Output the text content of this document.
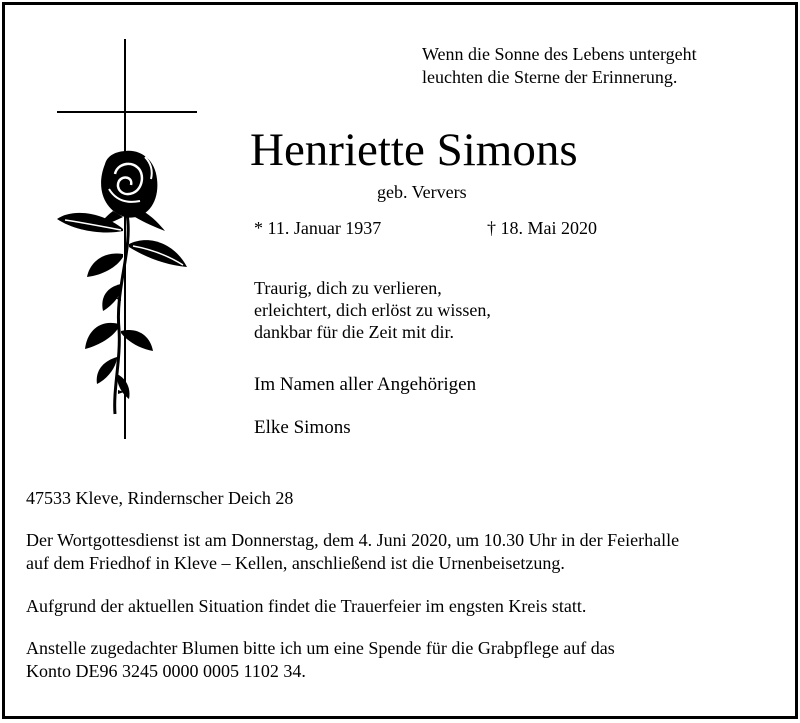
Wenn die Sonne des Lebens untergeht
leuchten die Sterne der Erinnerung.
Henriette Simons
geb. Ververs
* 11. Januar 1937	† 18. Mai 2020
Traurig, dich zu verlieren,
erleichtert, dich erlöst zu wissen,
dankbar für die Zeit mit dir.
Im Namen aller Angehörigen
Elke Simons
47533 Kleve, Rindernscher Deich 28
Der Wortgottesdienst ist am Donnerstag, dem 4. Juni 2020, um 10.30 Uhr in der Feierhalle
auf dem Friedhof in Kleve – Kellen, anschließend ist die Urnenbeisetzung.
Aufgrund der aktuellen Situation findet die Trauerfeier im engsten Kreis statt.
Anstelle zugedachter Blumen bitte ich um eine Spende für die Grabpflege auf das
Konto DE96 3245 0000 0005 1102 34.
